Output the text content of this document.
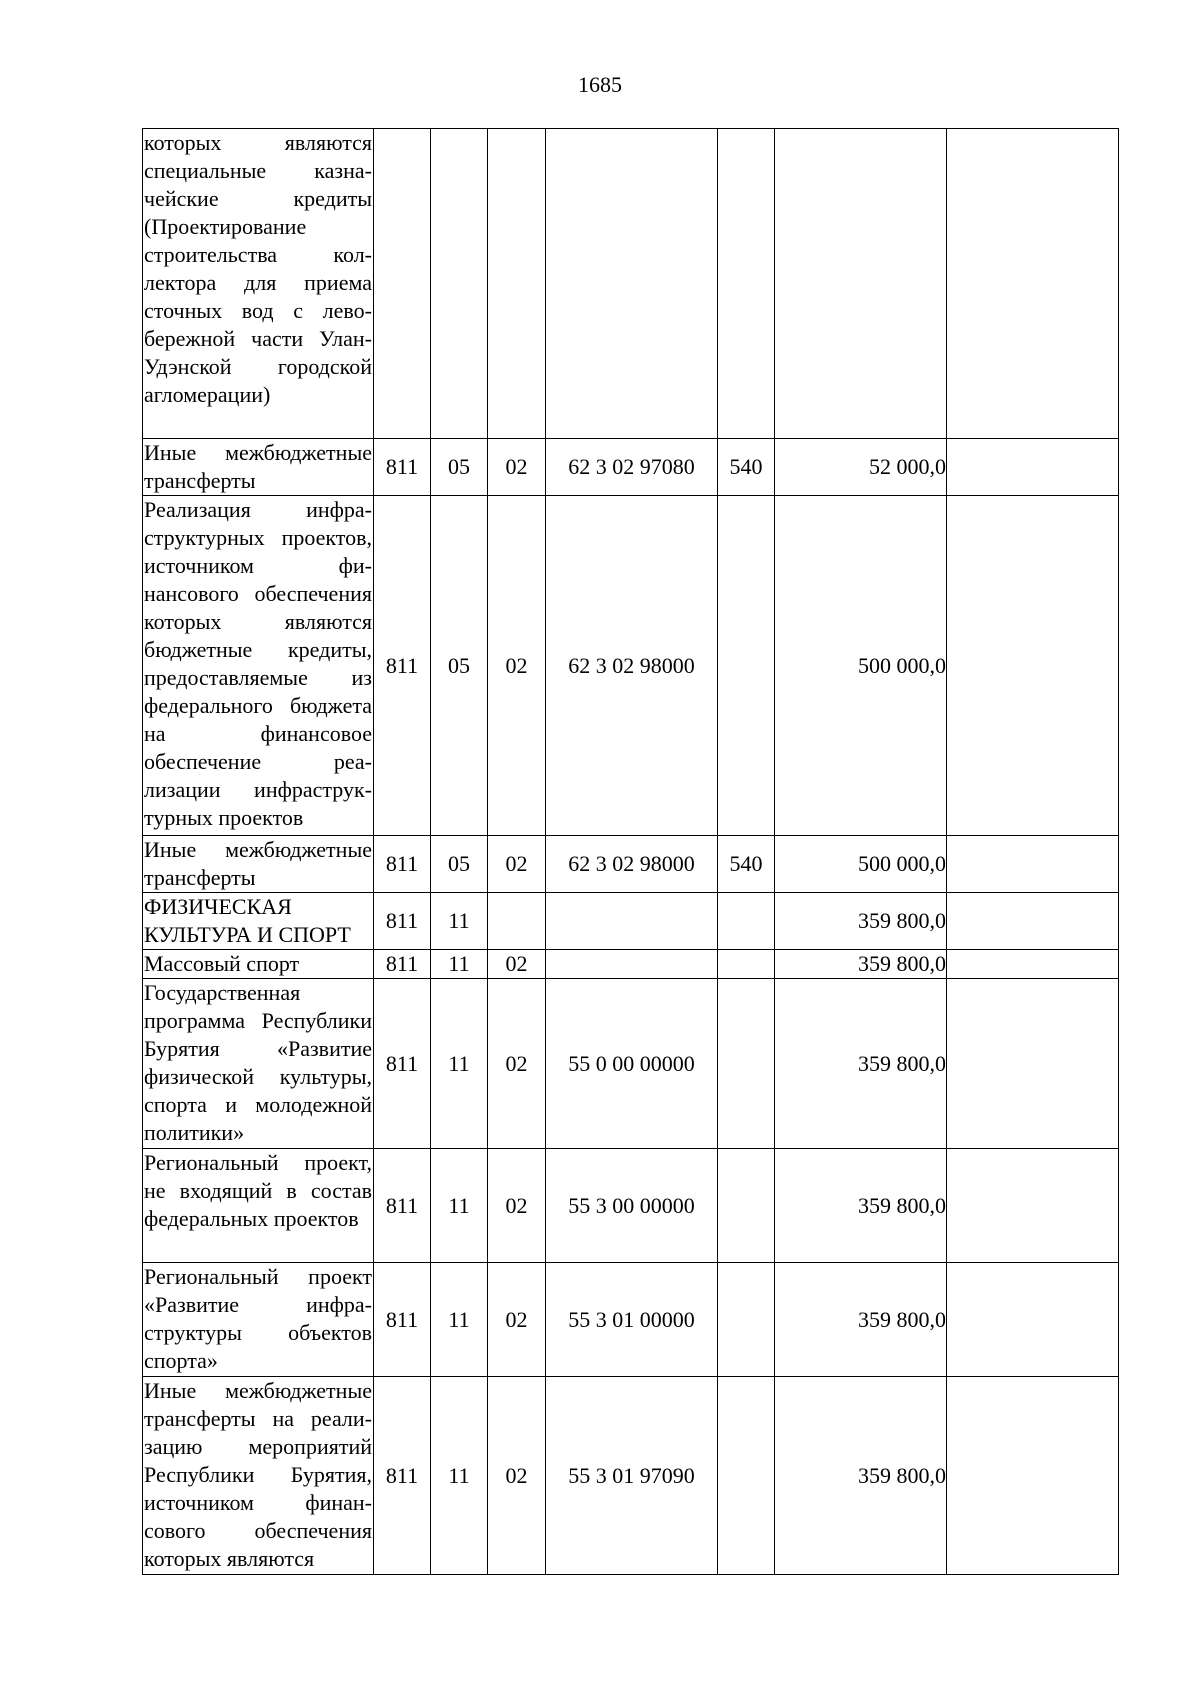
1685
которых являются специальные казначейские кредиты (Проектирование строительства коллектора для приема сточных вод с левобережной части Улан-Удэнской городской агломерации)							
Иные межбюджетные трансферты	811	05	02	62 3 02 97080	540	52 000,0	
Реализация инфраструктурных проектов, источником финансового обеспечения которых являются бюджетные кредиты, предоставляемые из федерального бюджета на финансовое обеспечение реализации инфраструктурных проектов	811	05	02	62 3 02 98000		500 000,0	
Иные межбюджетные трансферты	811	05	02	62 3 02 98000	540	500 000,0	
ФИЗИЧЕСКАЯ КУЛЬТУРА И СПОРТ	811	11				359 800,0	
Массовый спорт	811	11	02			359 800,0	
Государственная программа Республики Бурятия «Развитие физической культуры, спорта и молодежной политики»	811	11	02	55 0 00 00000		359 800,0	
Региональный проект, не входящий в состав федеральных проектов	811	11	02	55 3 00 00000		359 800,0	
Региональный проект «Развитие инфраструктуры объектов спорта»	811	11	02	55 3 01 00000		359 800,0	
Иные межбюджетные трансферты на реализацию мероприятий Республики Бурятия, источником финансового обеспечения которых являются	811	11	02	55 3 01 97090		359 800,0	
